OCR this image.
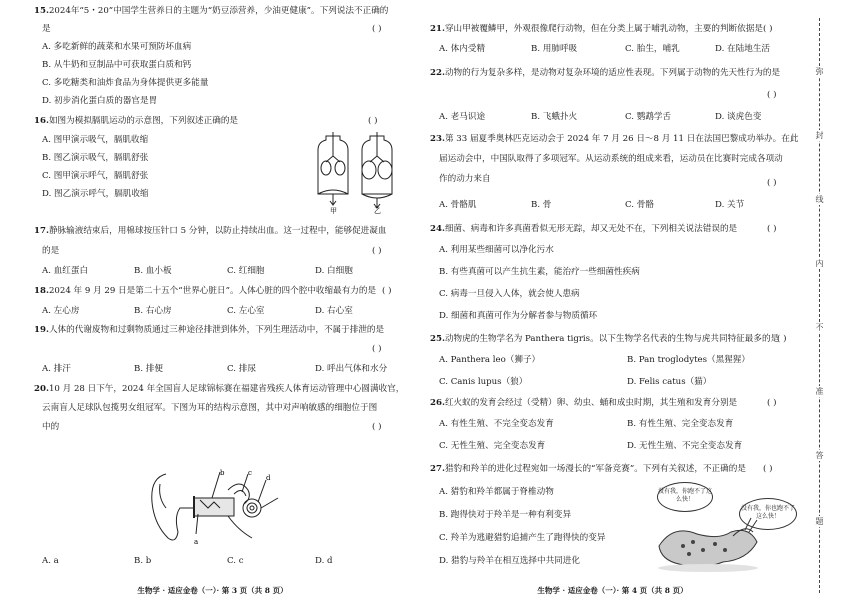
15.2024年“5・20”中国学生营养日的主题为“奶豆添营养，少油更健康”。下列说法不正确的
是	( )
A. 多吃新鲜的蔬菜和水果可预防坏血病
B. 从牛奶和豆制品中可获取蛋白质和钙
C. 多吃糖类和油炸食品为身体提供更多能量
D. 初步消化蛋白质的器官是胃
16.如图为模拟膈肌运动的示意图，下列叙述正确的是	( )
A. 图甲演示吸气，膈肌收缩
B. 图乙演示吸气，膈肌舒张
C. 图甲演示呼气，膈肌舒张
D. 图乙演示呼气，膈肌收缩
甲	乙
17.静脉输液结束后，用棉球按压针口 5 分钟，以防止持续出血。这一过程中，能够促进凝血
的是	( )
A. 血红蛋白	B. 血小板	C. 红细胞	D. 白细胞
18.2024 年 9 月 29 日是第二十五个“世界心脏日”。人体心脏的四个腔中收缩最有力的是 ( )
A. 左心房	B. 右心房	C. 左心室	D. 右心室
19.人体的代谢废物和过剩物质通过三种途径排泄到体外，下列生理活动中，不属于排泄的是
( )
A. 排汗	B. 排便	C. 排尿	D. 呼出气体和水分
20.10 月 28 日下午，2024 年全国盲人足球锦标赛在福建省残疾人体育运动管理中心圆满收官，
云南盲人足球队包揽男女组冠军。下图为耳的结构示意图，其中对声响敏感的细胞位于图
中的	( )
a
b	c
d
A. a	B. b	C. c	D. d
生物学 · 适应金卷（一）· 第 3 页（共 8 页）
21.穿山甲被覆鳞甲，外观很像爬行动物，但在分类上属于哺乳动物，主要的判断依据是 ( )
A. 体内受精	B. 用肺呼吸	C. 胎生，哺乳	D. 在陆地生活
22.动物的行为复杂多样，是动物对复杂环境的适应性表现。下列属于动物的先天性行为的是
( )
A. 老马识途	B. 飞蛾扑火	C. 鹦鹉学舌	D. 谈虎色变
23.第 33 届夏季奥林匹克运动会于 2024 年 7 月 26 日～8 月 11 日在法国巴黎成功举办。在此
届运动会中，中国队取得了多项冠军。从运动系统的组成来看，运动员在比赛时完成各项动
作的动力来自	( )
A. 骨骼肌	B. 骨	C. 骨骼	D. 关节
24.细菌、病毒和许多真菌看似无形无踪，却又无处不在，下列相关说法错误的是	( )
A. 利用某些细菌可以净化污水
B. 有些真菌可以产生抗生素，能治疗一些细菌性疾病
C. 病毒一旦侵入人体，就会使人患病
D. 细菌和真菌可作为分解者参与物质循环
25.动物虎的生物学名为 Panthera tigris。以下生物学名代表的生物与虎共同特征最多的是
( )
A. Panthera leo（狮子）	B. Pan troglodytes（黑猩猩）
C. Canis lupus（狼）	D. Felis catus（猫）
26.红火蚁的发育会经过（受精）卵、幼虫、蛹和成虫时期，其生殖和发育分别是	( )
A. 有性生殖、不完全变态发育	B. 有性生殖、完全变态发育
C. 无性生殖、完全变态发育	D. 无性生殖、不完全变态发育
27.猎豹和羚羊的进化过程宛如一场漫长的“军备竞赛”。下列有关叙述，不正确的是 ( )
A. 猎豹和羚羊都属于脊椎动物
B. 跑得快对于羚羊是一种有利变异
C. 羚羊为逃避猎豹追捕产生了跑得快的变异
D. 猎豹与羚羊在相互选择中共同进化
没有我，你跑不了这么快！
没有我，你也跑不了这么快！
生物学 · 适应金卷（一）· 第 4 页（共 8 页）
弥
封
线
内
不
准
答
题
